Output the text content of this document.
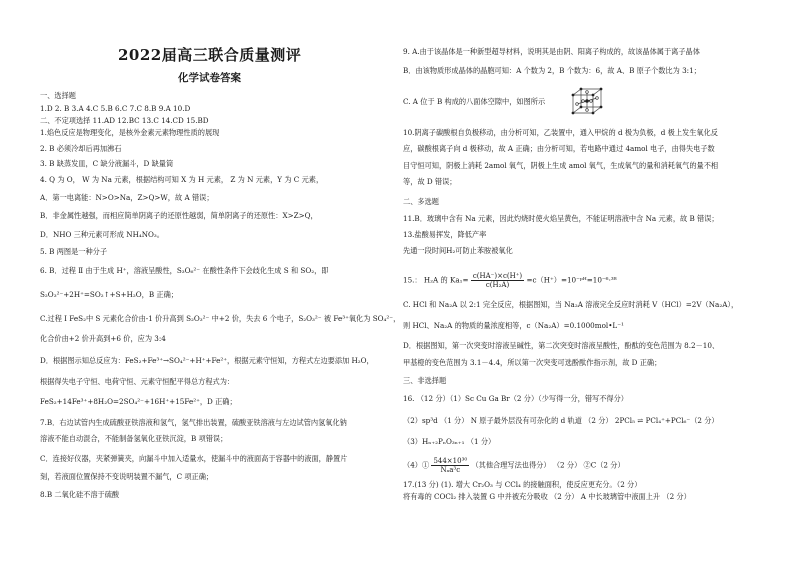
2022届高三联合质量测评
化学试卷答案
一、选择题
1.D 2. B 3.A 4.C 5.B 6.C 7.C 8.B 9.A 10.D
二、不定项选择 11.AD 12.BC 13.C 14.CD 15.BD
1.焰色反应是物理变化，是核外金素元素物理性质的展现
2. B 必须冷却后再加沸石
3. B 缺蒸发皿，C 缺分液漏斗，D 缺量筒
4. Q 为 O， W 为 Na 元素，根据结构可知 X 为 H 元素， Z 为 N 元素，Y 为 C 元素，
A．第一电离能：N>O>Na，Z>Q>W，故 A 错误；
B．非金属性越强，而相应简单阴离子的还原性越弱，简单阴离子的还原性：X>Z>Q，
D．NHO 三种元素可形成 NH₄NO₃。
5. B 两图是一种分子
6. B．过程 Ⅱ 由于生成 H⁺，溶液呈酸性，S₃O₆²⁻ 在酸性条件下会歧化生成 S 和 SO₂，即
S₂O₃²⁻+2H⁺=SO₂↑+S+H₂O，B 正确；
C.过程 I FeS₂中 S 元素化合价由-1 价升高到 S₂O₃²⁻ 中+2 价，失去 6 个电子，S₂O₃²⁻ 被 Fe³⁺氧化为 SO₄²⁻，
化合价由+2 价升高到+6 价，应为 3:4
D．根据图示知总反应为：FeS₂+Fe³⁺→SO₄²⁻+H⁺+Fe²⁺，根据元素守恒知，方程式左边要添加 H₂O，
根据得失电子守恒、电荷守恒、元素守恒配平得总方程式为：
FeS₂+14Fe³⁺+8H₂O=2SO₄²⁻+16H⁺+15Fe²⁺，D 正确；
7.B．右边试管内生成硫酸亚铁溶液和氢气，氢气排出装置，硫酸亚铁溶液与左边试管内氢氧化钠
溶液不能自动混合，不能制备氢氧化亚铁沉淀，B 项错误；
C．连接好仪器，夹紧弹簧夹，向漏斗中加入适量水，使漏斗中的液面高于容器中的液面，静置片
刻，若液面位置保持不变说明装置不漏气，C 项正确；
8.B 二氧化硅不溶于硫酸
9. A.由于该晶体是一种新型超导材料，说明其是由阴、阳离子构成的，故该晶体属于离子晶体
B．由该物质形成晶体的晶胞可知：A 个数为 2，B 个数为：6，故 A、B 原子个数比为 3:1；
C. A 位于 B 构成的八面体空隙中，如图所示
10.阴离子碳酸根自负极移动，由分析可知，乙装置中，通入甲烷的 d 极为负极，d 极上发生氧化反
应，碳酸根离子向 d 极移动，故 A 正确；由分析可知，若电路中通过 4amol 电子，由得失电子数
目守恒可知，阴极上消耗 2amol 氧气，阴极上生成 amol 氧气，生成氧气的量和消耗氧气的量不相
等，故 D 错误；
二、多选题
11.B．玻璃中含有 Na 元素，因此灼烧时使火焰呈黄色，不能证明溶液中含 Na 元素，故 B 错误；
13.盐酸易挥发，降低产率
先通一段时间H₂可防止苯胺被氧化
15.： H₂A 的 $Ka_1= \frac{c(HA^-)\times c(H^+)}{\text{c(H₂A)}}$ =c（H⁺）=10⁻ᵖᴴ=10⁻⁶·³⁸
C. HCl 和 Na₂A 以 2:1 完全反应，根据图知，当 Na₂A 溶液完全反应时消耗 V（HCl）=2V（Na₂A），
则 HCl、Na₂A 的物质的量浓度相等，c（Na₂A）=0.1000mol•L⁻¹
D．根据图知，第一次突变时溶液呈碱性，第二次突变时溶液呈酸性，酚酞的变色范围为 8.2－10、
甲基橙的变色范围为 3.1－4.4，所以第一次突变可选酚酞作指示剂，故 D 正确；
三、非选择题
16. （12 分）（1）Sc Cu Ga Br（2 分）（少写得一分，错写不得分）
（2）sp³d （1 分） N 原子最外层没有可杂化的 d 轨道 （2 分） 2PCl₅ ⇌ PCl₄⁺+PCl₆⁻（2 分）
（3）Hₙ₊₂PₙO₃ₙ₊₁ （1 分）
（4）① $\frac{\text{544×10³⁰}}{\text{Nₐa³c}}$ （其他合理写法也得分） （2 分） ②C（2 分）
17.(13 分) (1). 增大 Cr₂O₃ 与 CCl₄ 的接触面积，使反应更充分。（2 分）
将有毒的 COCl₂ 排入装置 G 中并被充分吸收 （2 分） A 中长玻璃管中液面上升 （2 分）
